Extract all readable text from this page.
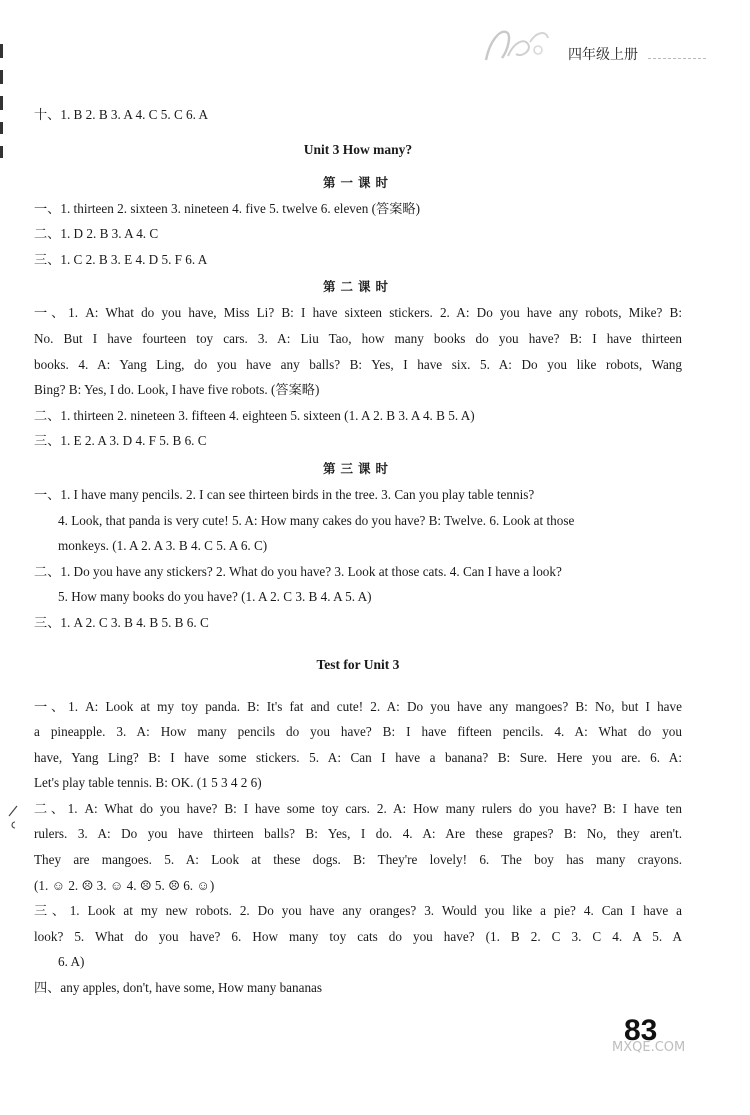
四年级上册
十、1. B 2. B 3. A 4. C 5. C 6. A
Unit 3 How many?
第一课时
一、1. thirteen 2. sixteen 3. nineteen 4. five 5. twelve 6. eleven (答案略)
二、1. D 2. B 3. A 4. C
三、1. C 2. B 3. E 4. D 5. F 6. A
第二课时
一、1. A: What do you have, Miss Li? B: I have sixteen stickers. 2. A: Do you have any robots, Mike? B:
No. But I have fourteen toy cars. 3. A: Liu Tao, how many books do you have? B: I have thirteen
books. 4. A: Yang Ling, do you have any balls? B: Yes, I have six. 5. A: Do you like robots, Wang
Bing? B: Yes, I do. Look, I have five robots. (答案略)
二、1. thirteen 2. nineteen 3. fifteen 4. eighteen 5. sixteen (1. A 2. B 3. A 4. B 5. A)
三、1. E 2. A 3. D 4. F 5. B 6. C
第三课时
一、1. I have many pencils. 2. I can see thirteen birds in the tree. 3. Can you play table tennis?
4. Look, that panda is very cute! 5. A: How many cakes do you have? B: Twelve. 6. Look at those
monkeys. (1. A 2. A 3. B 4. C 5. A 6. C)
二、1. Do you have any stickers? 2. What do you have? 3. Look at those cats. 4. Can I have a look?
5. How many books do you have? (1. A 2. C 3. B 4. A 5. A)
三、1. A 2. C 3. B 4. B 5. B 6. C
Test for Unit 3
一、1. A: Look at my toy panda. B: It's fat and cute! 2. A: Do you have any mangoes? B: No, but I have
a pineapple. 3. A: How many pencils do you have? B: I have fifteen pencils. 4. A: What do you
have, Yang Ling? B: I have some stickers. 5. A: Can I have a banana? B: Sure. Here you are. 6. A:
Let's play table tennis. B: OK. (1 5 3 4 2 6)
二、1. A: What do you have? B: I have some toy cars. 2. A: How many rulers do you have? B: I have ten
rulers. 3. A: Do you have thirteen balls? B: Yes, I do. 4. A: Are these grapes? B: No, they aren't.
They are mangoes. 5. A: Look at these dogs. B: They're lovely! 6. The boy has many crayons.
(1. ☺ 2. ☹ 3. ☺ 4. ☹ 5. ☹ 6. ☺)
三、1. Look at my new robots. 2. Do you have any oranges? 3. Would you like a pie? 4. Can I have a
look? 5. What do you have? 6. How many toy cats do you have? (1. B 2. C 3. C 4. A 5. A
6. A)
四、any apples, don't, have some, How many bananas
83
MXQE.COM
